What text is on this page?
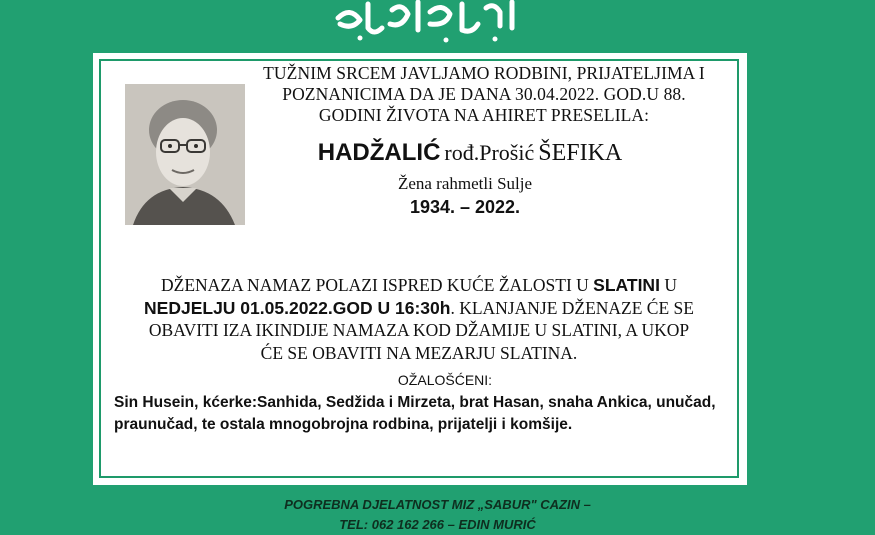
TUŽNIM SRCEM JAVLJAMO RODBINI, PRIJATELJIMA I
POZNANICIMA DA JE DANA 30.04.2022. GOD.U 88.
GODINI ŽIVOTA NA AHIRET PRESELILA:
HADŽALIĆ rođ.Prošić ŠEFIKA
Žena rahmetli Sulje
1934. – 2022.
DŽENAZA NAMAZ POLAZI ISPRED KUĆE ŽALOSTI U SLATINI U
NEDJELJU 01.05.2022.GOD U 16:30h. KLANJANJE DŽENAZE ĆE SE
OBAVITI IZA IKINDIJE NAMAZA KOD DŽAMIJE U SLATINI, A UKOP
ĆE SE OBAVITI NA MEZARJU SLATINA.
OŽALOŠĆENI:
Sin Husein, kćerke:Sanhida, Sedžida i Mirzeta, brat Hasan, snaha Ankica, unučad, praunučad, te ostala mnogobrojna rodbina, prijatelji i komšije.
POGREBNA DJELATNOST MIZ „SABUR" CAZIN –
TEL: 062 162 266 – EDIN MURIĆ
